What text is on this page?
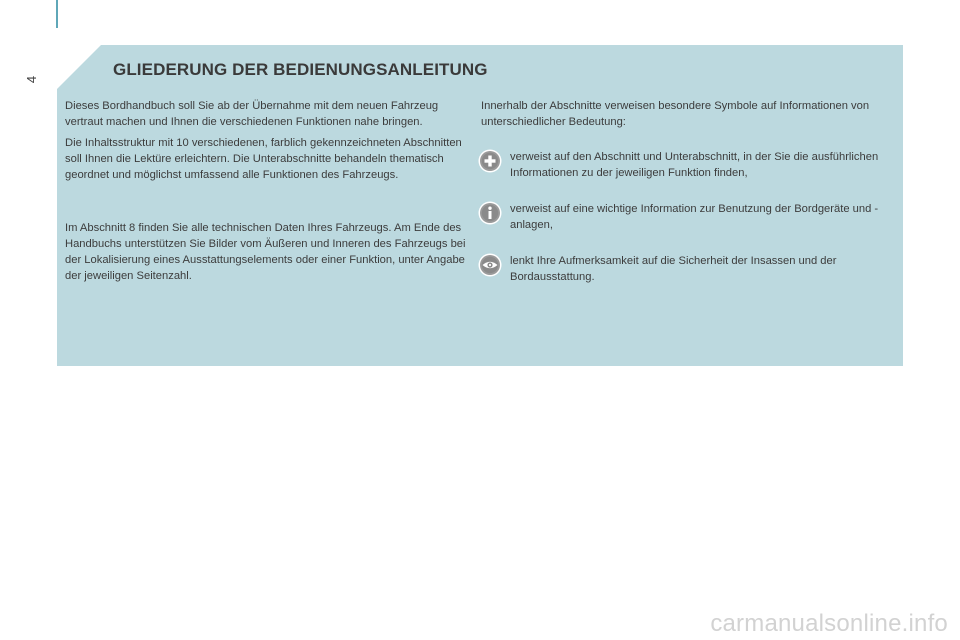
4
GLIEDERUNG DER BEDIENUNGSANLEITUNG

Dieses Bordhandbuch soll Sie ab der Übernahme mit dem neuen Fahrzeug vertraut machen und Ihnen die verschiedenen Funktionen nahe bringen.

Die Inhaltsstruktur mit 10 verschiedenen, farblich gekennzeichneten Abschnitten soll Ihnen die Lektüre erleichtern. Die Unterabschnitte behandeln thematisch geordnet und möglichst umfassend alle Funktionen des Fahrzeugs.

Im Abschnitt 8 finden Sie alle technischen Daten Ihres Fahrzeugs. Am Ende des Handbuchs unterstützen Sie Bilder vom Äußeren und Inneren des Fahrzeugs bei der Lokalisierung eines Ausstattungselements oder einer Funktion, unter Angabe der jeweiligen Seitenzahl.

Innerhalb der Abschnitte verweisen besondere Symbole auf Informationen von unterschiedlicher Bedeutung:

verweist auf den Abschnitt und Unterabschnitt, in der Sie die ausführlichen Informationen zu der jeweiligen Funktion finden,
verweist auf eine wichtige Information zur Benutzung der Bordgeräte und -anlagen,
lenkt Ihre Aufmerksamkeit auf die Sicherheit der Insassen und der Bordausstattung.
carmanualsonline.info
